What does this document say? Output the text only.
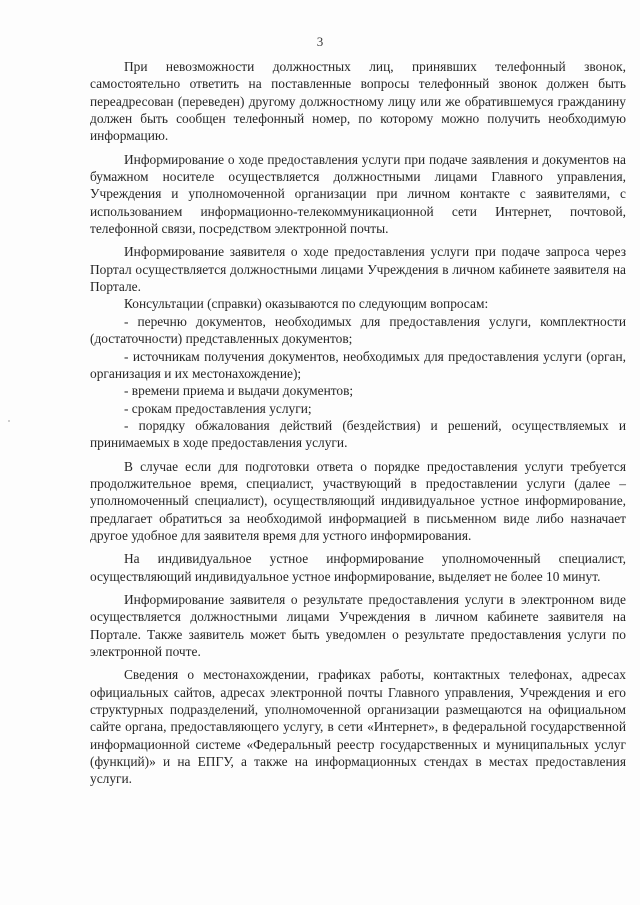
3

При невозможности должностных лиц, принявших телефонный звонок, самостоятельно ответить на поставленные вопросы телефонный звонок должен быть переадресован (переведен) другому должностному лицу или же обратившемуся гражданину должен быть сообщен телефонный номер, по которому можно получить необходимую информацию.

Информирование о ходе предоставления услуги при подаче заявления и документов на бумажном носителе осуществляется должностными лицами Главного управления, Учреждения и уполномоченной организации при личном контакте с заявителями, с использованием информационно-телекоммуникационной сети Интернет, почтовой, телефонной связи, посредством электронной почты.

Информирование заявителя о ходе предоставления услуги при подаче запроса через Портал осуществляется должностными лицами Учреждения в личном кабинете заявителя на Портале.

Консультации (справки) оказываются по следующим вопросам:

- перечню документов, необходимых для предоставления услуги, комплектности (достаточности) представленных документов;

- источникам получения документов, необходимых для предоставления услуги (орган, организация и их местонахождение);

- времени приема и выдачи документов;

- срокам предоставления услуги;

- порядку обжалования действий (бездействия) и решений, осуществляемых и принимаемых в ходе предоставления услуги.

В случае если для подготовки ответа о порядке предоставления услуги требуется продолжительное время, специалист, участвующий в предоставлении услуги (далее – уполномоченный специалист), осуществляющий индивидуальное устное информирование, предлагает обратиться за необходимой информацией в письменном виде либо назначает другое удобное для заявителя время для устного информирования.

На индивидуальное устное информирование уполномоченный специалист, осуществляющий индивидуальное устное информирование, выделяет не более 10 минут.

Информирование заявителя о результате предоставления услуги в электронном виде осуществляется должностными лицами Учреждения в личном кабинете заявителя на Портале. Также заявитель может быть уведомлен о результате предоставления услуги по электронной почте.

Сведения о местонахождении, графиках работы, контактных телефонах, адресах официальных сайтов, адресах электронной почты Главного управления, Учреждения и его структурных подразделений, уполномоченной организации размещаются на официальном сайте органа, предоставляющего услугу, в сети «Интернет», в федеральной государственной информационной системе «Федеральный реестр государственных и муниципальных услуг (функций)» и на ЕПГУ, а также на информационных стендах в местах предоставления услуги.
